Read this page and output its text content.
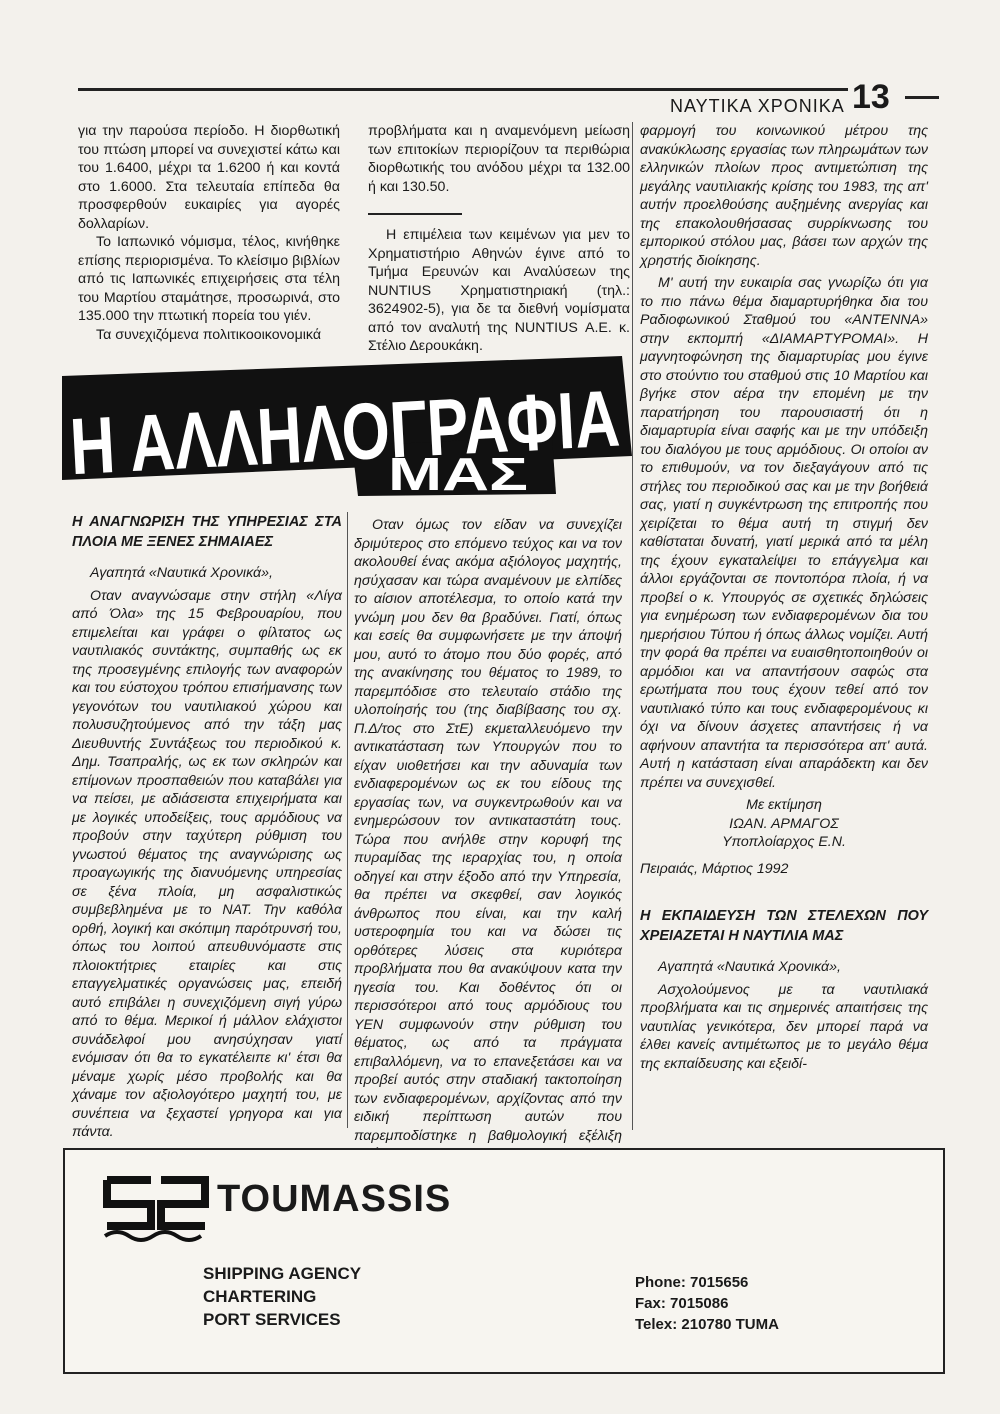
ΝΑΥΤΙΚΑ ΧΡΟΝΙΚΑ 13

για την παρούσα περίοδο. Η διορθωτική του πτώση μπορεί να συνεχιστεί κάτω και του 1.6400, μέχρι τα 1.6200 ή και κοντά στο 1.6000. Στα τελευταία επίπεδα θα προσφερθούν ευκαιρίες για αγορές δολλαρίων.

Το Ιαπωνικό νόμισμα, τέλος, κινήθηκε επίσης περιορισμένα. Το κλείσιμο βιβλίων από τις Ιαπωνικές επιχειρήσεις στα τέλη του Μαρτίου σταμάτησε, προσωρινά, στο 135.000 την πτωτική πορεία του γιέν.

Τα συνεχιζόμενα πολιτικοοικονομικά

προβλήματα και η αναμενόμενη μείωση των επιτοκίων περιορίζουν τα περιθώρια διορθωτικής του ανόδου μέχρι τα 132.00 ή και 130.50.

Η επιμέλεια των κειμένων για μεν το Χρηματιστήριο Αθηνών έγινε από το Τμήμα Ερευνών και Αναλύσεων της NUNTIUS Χρηματιστηριακή (τηλ.: 3624902-5), για δε τα διεθνή νομίσματα από τον αναλυτή της NUNTIUS Α.Ε. κ. Στέλιο Δερουκάκη.

φαρμογή του κοινωνικού μέτρου της ανακύκλωσης εργασίας των πληρωμάτων των ελληνικών πλοίων προς αντιμετώπιση της μεγάλης ναυτιλιακής κρίσης του 1983, της απ' αυτήν προελθούσης αυξημένης ανεργίας και της επακολουθήσασας συρρίκνωσης του εμπορικού στόλου μας, βάσει των αρχών της χρηστής διοίκησης.

Μ' αυτή την ευκαιρία σας γνωρίζω ότι για το πιο πάνω θέμα διαμαρτυρήθηκα δια του Ραδιοφωνικού Σταθμού του «ΑΝΤΕΝΝΑ» στην εκπομπή «ΔΙΑΜΑΡΤΥΡΟΜΑΙ». Η μαγνητοφώνηση της διαμαρτυρίας μου έγινε στο στούντιο του σταθμού στις 10 Μαρτίου και βγήκε στον αέρα την επομένη με την παρατήρηση του παρουσιαστή ότι η διαμαρτυρία είναι σαφής και με την υπόδειξη του διαλόγου με τους αρμόδιους. Οι οποίοι αν το επιθυμούν, να τον διεξαγάγουν από τις στήλες του περιοδικού σας και με την βοήθειά σας, γιατί η συγκέντρωση της επιτροπής που χειρίζεται το θέμα αυτή τη στιγμή δεν καθίσταται δυνατή, γιατί μερικά από τα μέλη της έχουν εγκαταλείψει το επάγγελμα και άλλοι εργάζονται σε ποντοπόρα πλοία, ή να προβεί ο κ. Υπουργός σε σχετικές δηλώσεις για ενημέρωση των ενδιαφερομένων δια του ημερήσιου Τύπου ή όπως άλλως νομίζει. Αυτή την φορά θα πρέπει να ευαισθητοποιηθούν οι αρμόδιοι και να απαντήσουν σαφώς στα ερωτήματα που τους έχουν τεθεί από τον ναυτιλιακό τύπο και τους ενδιαφερομένους κι όχι να δίνουν άσχετες απαντήσεις ή να αφήνουν απαντήτα τα περισσότερα απ' αυτά. Αυτή η κατάσταση είναι απαράδεκτη και δεν πρέπει να συνεχισθεί.

Με εκτίμηση
ΙΩΑΝ. ΑΡΜΑΓΟΣ
Υποπλοίαρχος Ε.Ν.
Πειραιάς, Μάρτιος 1992
Η ΕΚΠΑΙΔΕΥΣΗ ΤΩΝ ΣΤΕΛΕΧΩΝ ΠΟΥ ΧΡΕΙΑΖΕΤΑΙ Η ΝΑΥΤΙΛΙΑ ΜΑΣ

Αγαπητά «Ναυτικά Χρονικά»,

Ασχολούμενος με τα ναυτιλιακά προβλήματα και τις σημερινές απαιτήσεις της ναυτιλίας γενικότερα, δεν μπορεί παρά να έλθει κανείς αντιμέτωπος με το μεγάλο θέμα της εκπαίδευσης και εξειδί-

Η ΑΛΛΗΛΟΓΡΑΦΙΑ
ΜΑΣ
Η ΑΝΑΓΝΩΡΙΣΗ ΤΗΣ ΥΠΗΡΕΣΙΑΣ ΣΤΑ ΠΛΟΙΑ ΜΕ ΞΕΝΕΣ ΣΗΜΑΙΑΕΣ

Αγαπητά «Ναυτικά Χρονικά»,

Οταν αναγνώσαμε στην στήλη «Λίγα από Όλα» της 15 Φεβρουαρίου, που επιμελείται και γράφει ο φίλτατος ως ναυτιλιακός συντάκτης, συμπαθής ως εκ της προσεγμένης επιλογής των αναφορών και του εύστοχου τρόπου επισήμανσης των γεγονότων του ναυτιλιακού χώρου και πολυσυζητούμενος από την τάξη μας Διευθυντής Συντάξεως του περιοδικού κ. Δημ. Τσαπραλής, ως εκ των σκληρών και επίμονων προσπαθειών που καταβάλει για να πείσει, με αδιάσειστα επιχειρήματα και με λογικές υποδείξεις, τους αρμόδιους να προβούν στην ταχύτερη ρύθμιση του γνωστού θέματος της αναγνώρισης ως προαγωγικής της διανυόμενης υπηρεσίας σε ξένα πλοία, μη ασφαλιστικώς συμβεβλημένα με το ΝΑΤ. Την καθόλα ορθή, λογική και σκόπιμη παρότρυνσή του, όπως του λοιπού απευθυνόμαστε στις πλοιοκτήτριες εταιρίες και στις επαγγελματικές οργανώσεις μας, επειδή αυτό επιβάλει η συνεχιζόμενη σιγή γύρω από το θέμα. Μερικοί ή μάλλον ελάχιστοι συνάδελφοί μου ανησύχησαν γιατί ενόμισαν ότι θα το εγκατέλειπε κι' έτσι θα μέναμε χωρίς μέσο προβολής και θα χάναμε τον αξιολογότερο μαχητή του, με συνέπεια να ξεχαστεί γρηγορα και για πάντα.

Οταν όμως τον είδαν να συνεχίζει δριμύτερος στο επόμενο τεύχος και να τον ακολουθεί ένας ακόμα αξιόλογος μαχητής, ησύχασαν και τώρα αναμένουν με ελπίδες το αίσιον αποτέλεσμα, το οποίο κατά την γνώμη μου δεν θα βραδύνει. Γιατί, όπως και εσείς θα συμφωνήσετε με την άποψή μου, αυτό το άτομο που δύο φορές, από της ανακίνησης του θέματος το 1989, το παρεμπόδισε στο τελευταίο στάδιο της υλοποίησής του (της διαβίβασης του σχ. Π.Δ/τος στο ΣτΕ) εκμεταλλευόμενο την αντικατάσταση των Υπουργών που το είχαν υιοθετήσει και την αδυναμία των ενδιαφερομένων ως εκ του είδους της εργασίας των, να συγκεντρωθούν και να ενημερώσουν τον αντικαταστάτη τους. Τώρα που ανήλθε στην κορυφή της πυραμίδας της ιεραρχίας του, η οποία οδηγεί και στην έξοδο από την Υπηρεσία, θα πρέπει να σκεφθεί, σαν λογικός άνθρωπος που είναι, και την καλή υστεροφημία του και να δώσει τις ορθότερες λύσεις στα κυριότερα προβλήματα που θα ανακύψουν κατα την ηγεσία του. Και δοθέντος ότι οι περισσότεροι από τους αρμόδιους του ΥΕΝ συμφωνούν στην ρύθμιση του θέματος, ως από τα πράγματα επιβαλλόμενη, να το επανεξετάσει και να προβεί αυτός στην σταδιακή τακτοποίηση των ενδιαφερομένων, αρχίζοντας από την ειδική περίπτωση αυτών που παρεμποδίστηκε η βαθμολογική εξέλιξη

TOUMASSIS
SHIPPING AGENCY
CHARTERING
PORT SERVICES
Phone: 7015656
Fax: 7015086
Telex: 210780 TUMA
